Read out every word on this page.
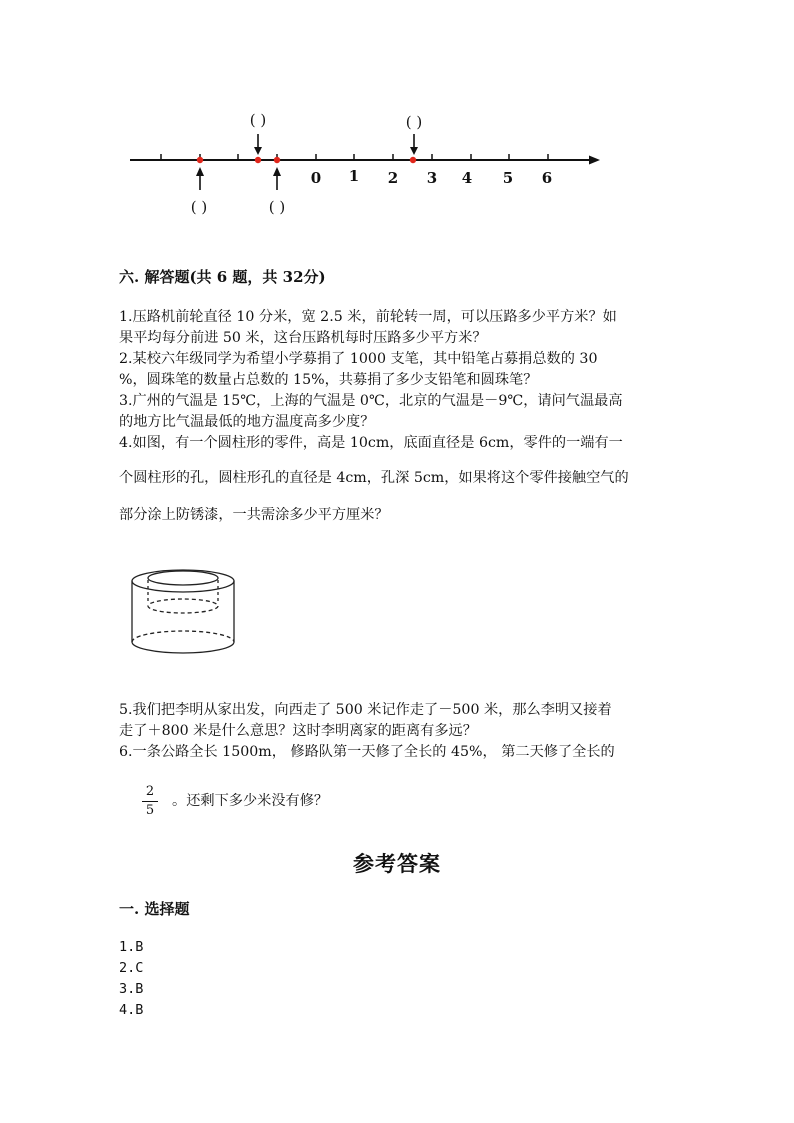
0 1 2 3 4 5 6
( )	( )
( )	( )
六. 解答题(共 6 题，共 32分)
1.压路机前轮直径 10 分米，宽 2.5 米，前轮转一周，可以压路多少平方米？如
果平均每分前进 50 米，这台压路机每时压路多少平方米？
2.某校六年级同学为希望小学募捐了 1000 支笔，其中铅笔占募捐总数的 30
%，圆珠笔的数量占总数的 15%，共募捐了多少支铅笔和圆珠笔？
3.广州的气温是 15℃，上海的气温是 0℃，北京的气温是－9℃，请问气温最高
的地方比气温最低的地方温度高多少度？
4.如图，有一个圆柱形的零件，高是 10cm，底面直径是 6cm，零件的一端有一
个圆柱形的孔，圆柱形孔的直径是 4cm，孔深 5cm，如果将这个零件接触空气的
部分涂上防锈漆，一共需涂多少平方厘米？
5.我们把李明从家出发，向西走了 500 米记作走了－500 米，那么李明又接着
走了＋800 米是什么意思？这时李明离家的距离有多远？
6.一条公路全长 1500m， 修路队第一天修了全长的 45%， 第二天修了全长的
2
5
。还剩下多少米没有修？
参考答案
一. 选择题
1.B
2.C
3.B
4.B
